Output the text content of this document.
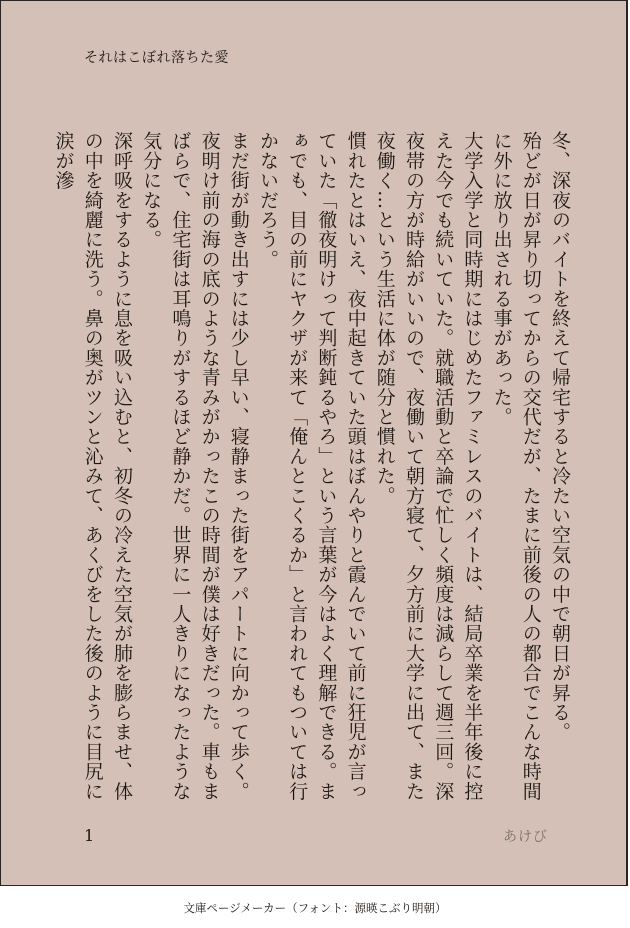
それはこぼれ落ちた愛

冬、深夜のバイトを終えて帰宅すると冷たい空気の中で朝日が昇る。

殆どが日が昇り切ってからの交代だが、たまに前後の人の都合でこんな時間に外に放り出される事があった。

大学入学と同時期にはじめたファミレスのバイトは、結局卒業を半年後に控えた今でも続いていた。就職活動と卒論で忙しく頻度は減らして週三回。深夜帯の方が時給がいいので、夜働いて朝方寝て、夕方前に大学に出て、また夜働く…という生活に体が随分と慣れた。

慣れたとはいえ、夜中起きていた頭はぼんやりと霞んでいて前に狂児が言っていた「徹夜明けって判断鈍るやろ」という言葉が今はよく理解できる。まぁでも、目の前にヤクザが来て「俺んとこくるか」と言われてもついては行かないだろう。

まだ街が動き出すには少し早い、寝静まった街をアパートに向かって歩く。夜明け前の海の底のような青みがかったこの時間が僕は好きだった。車もまばらで、住宅街は耳鳴りがするほど静かだ。世界に一人きりになったような気分になる。

深呼吸をするように息を吸い込むと、初冬の冷えた空気が肺を膨らませ、体の中を綺麗に洗う。鼻の奥がツンと沁みて、あくびをした後のように目尻に涙が滲

1	あけび
文庫ページメーカー（フォント：源暎こぶり明朝）
